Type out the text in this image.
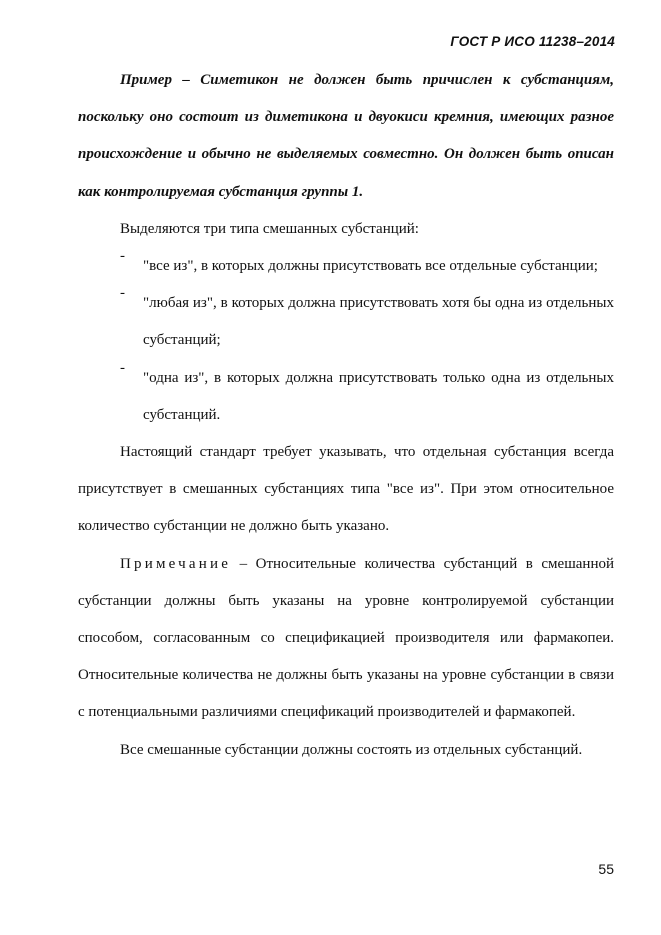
ГОСТ Р ИСО 11238–2014

Пример – Симетикон не должен быть причислен к субстанциям, поскольку оно состоит из диметикона и двуокиси кремния, имеющих разное происхождение и обычно не выделяемых совместно. Он должен быть описан как контролируемая субстанция группы 1.

Выделяются три типа смешанных субстанций:

-

"все из", в которых должны присутствовать все отдельные субстанции;

-

"любая из", в которых должна присутствовать хотя бы одна из отдельных субстанций;

-

"одна из", в которых должна присутствовать только одна из отдельных субстанций.

Настоящий стандарт требует указывать, что отдельная субстанция всегда присутствует в смешанных субстанциях типа "все из". При этом относительное количество субстанции не должно быть указано.

Примечание – Относительные количества субстанций в смешанной субстанции должны быть указаны на уровне контролируемой субстанции способом, согласованным со спецификацией производителя или фармакопеи. Относительные количества не должны быть указаны на уровне субстанции в связи с потенциальными различиями спецификаций производителей и фармакопей.

Все смешанные субстанции должны состоять из отдельных субстанций.

55
